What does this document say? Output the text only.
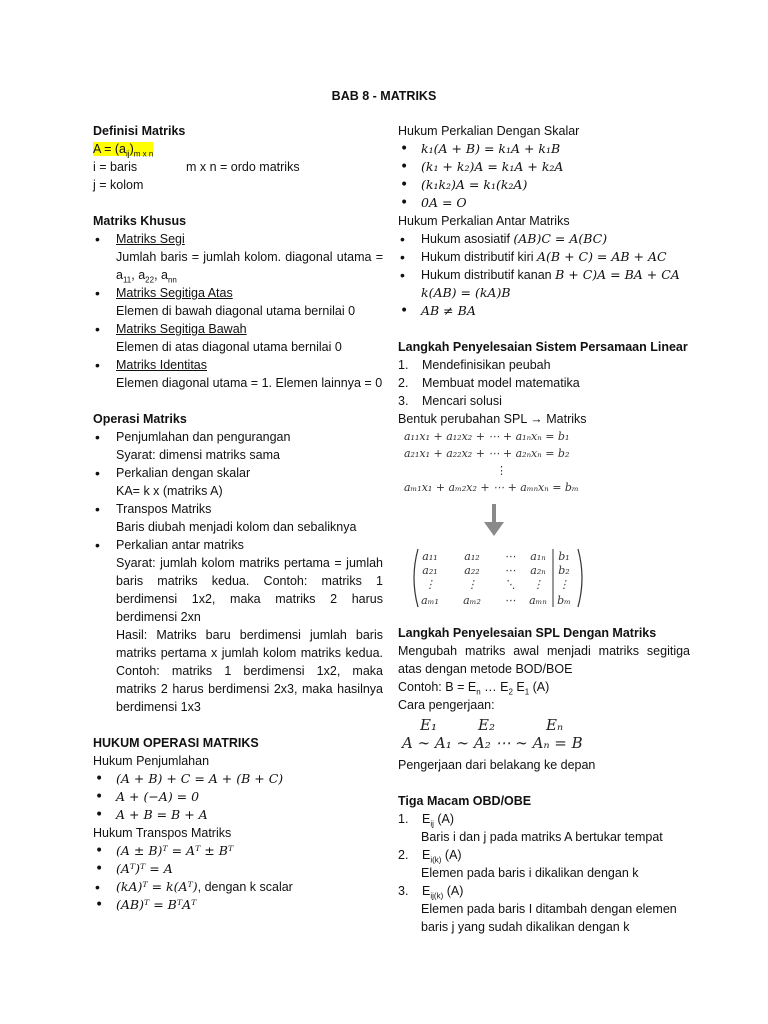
BAB 8 - MATRIKS
Definisi Matriks
$A = (a_{ij})_{m x n}$
i = baris	m x n = ordo matriks
j = kolom
Matriks Khusus
• Matriks Segi
Jumlah baris = jumlah kolom. diagonal utama = $a_{11}$, $a_{22}$, $a_{nn}$
• Matriks Segitiga Atas
Elemen di bawah diagonal utama bernilai 0
• Matriks Segitiga Bawah
Elemen di atas diagonal utama bernilai 0
• Matriks Identitas
Elemen diagonal utama = 1. Elemen lainnya = 0
Operasi Matriks
• Penjumlahan dan pengurangan
Syarat: dimensi matriks sama
• Perkalian dengan skalar
KA= k x (matriks A)
• Transpos Matriks
Baris diubah menjadi kolom dan sebaliknya
• Perkalian antar matriks
Syarat: jumlah kolom matriks pertama = jumlah baris matriks kedua. Contoh: matriks 1 berdimensi 1x2, maka matriks 2 harus berdimensi 2xn
Hasil: Matriks baru berdimensi jumlah baris matriks pertama x jumlah kolom matriks kedua. Contoh: matriks 1 berdimensi 1x2, maka matriks 2 harus berdimensi 2x3, maka hasilnya berdimensi 1x3
HUKUM OPERASI MATRIKS
Hukum Penjumlahan
• (A + B) + C = A + (B + C)
• A + (−A) = 0
• A + B = B + A
Hukum Transpos Matriks
• (A ± B)ᵀ = Aᵀ ± Bᵀ
• (Aᵀ)ᵀ = A
• (kA)ᵀ = k(Aᵀ), dengan k scalar
• (AB)ᵀ = BᵀAᵀ
Hukum Perkalian Dengan Skalar
• k₁(A + B) = k₁A + k₁B
• (k₁ + k₂)A = k₁A + k₂A
• (k₁k₂)A = k₁(k₂A)
• 0A = O
Hukum Perkalian Antar Matriks
• Hukum asosiatif (AB)C = A(BC)
• Hukum distributif kiri A(B + C) = AB + AC
• Hukum distributif kanan B + C)A = BA + CA
k(AB) = (kA)B
• AB ≠ BA
Langkah Penyelesaian Sistem Persamaan Linear
1. Mendefinisikan peubah
2. Membuat model matematika
3. Mencari solusi
Bentuk perubahan SPL → Matriks
a₁₁x₁ + a₁₂x₂ + ⋯ + a₁ₙxₙ = b₁
a₂₁x₁ + a₂₂x₂ + ⋯ + a₂ₙxₙ = b₂
⋮
aₘ₁x₁ + aₘ₂x₂ + ⋯ + aₘₙxₙ = bₘ
a₁₁ a₁₂ ⋯ a₁ₙ b₁
a₂₁ a₂₂ ⋯ a₂ₙ b₂
⋮	⋮ ⋱ ⋮ ⋮
aₘ₁ aₘ₂ ⋯ aₘₙ bₘ
Langkah Penyelesaian SPL Dengan Matriks
Mengubah matriks awal menjadi matriks segitiga atas dengan metode BOD/BOE
Contoh: $B = E_n$ … $E_2$ $E_1$ (A)
Cara pengerjaan:
E₁	E₂	Eₙ
A ∼ A₁ ∼ A₂ ⋯ ∼ Aₙ = B
Pengerjaan dari belakang ke depan
Tiga Macam OBD/OBE
1. $E_{ij}$ (A)
Baris i dan j pada matriks A bertukar tempat
2. $E_{i(k)}$ (A)
Elemen pada baris i dikalikan dengan k
3. $E_{ij(k)}$ (A)
Elemen pada baris I ditambah dengan elemen baris j yang sudah dikalikan dengan k
